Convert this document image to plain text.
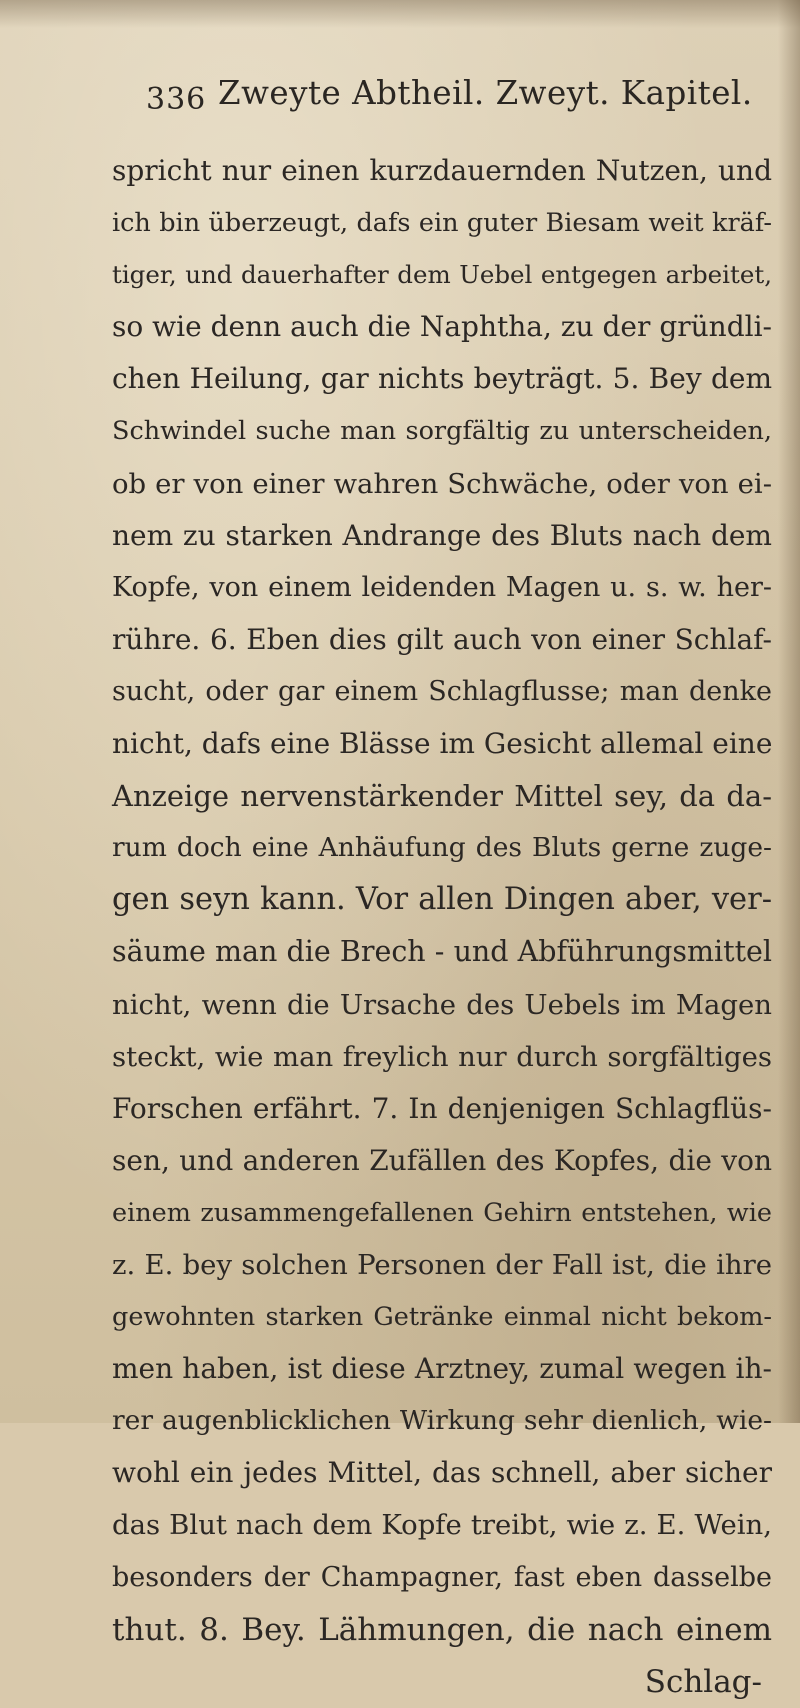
336 Zweyte Abtheil. Zweyt. Kapitel.
spricht nur einen kurzdauernden Nutzen, und
ich bin überzeugt, dafs ein guter Biesam weit kräf-
tiger, und dauerhafter dem Uebel entgegen arbeitet,
so wie denn auch die Naphtha, zu der gründli-
chen Heilung, gar nichts beyträgt. 5. Bey dem
Schwindel suche man sorgfältig zu unterscheiden,
ob er von einer wahren Schwäche, oder von ei-
nem zu starken Andrange des Bluts nach dem
Kopfe, von einem leidenden Magen u. s. w. her-
rühre. 6. Eben dies gilt auch von einer Schlaf-
sucht, oder gar einem Schlagflusse; man denke
nicht, dafs eine Blässe im Gesicht allemal eine
Anzeige nervenstärkender Mittel sey, da da-
rum doch eine Anhäufung des Bluts gerne zuge-
gen seyn kann. Vor allen Dingen aber, ver-
säume man die Brech - und Abführungsmittel
nicht, wenn die Ursache des Uebels im Magen
steckt, wie man freylich nur durch sorgfältiges
Forschen erfährt. 7. In denjenigen Schlagflüs-
sen, und anderen Zufällen des Kopfes, die von
einem zusammengefallenen Gehirn entstehen, wie
z. E. bey solchen Personen der Fall ist, die ihre
gewohnten starken Getränke einmal nicht bekom-
men haben, ist diese Arztney, zumal wegen ih-
rer augenblicklichen Wirkung sehr dienlich, wie-
wohl ein jedes Mittel, das schnell, aber sicher
das Blut nach dem Kopfe treibt, wie z. E. Wein,
besonders der Champagner, fast eben dasselbe
thut. 8. Bey. Lähmungen, die nach einem
Schlag-
